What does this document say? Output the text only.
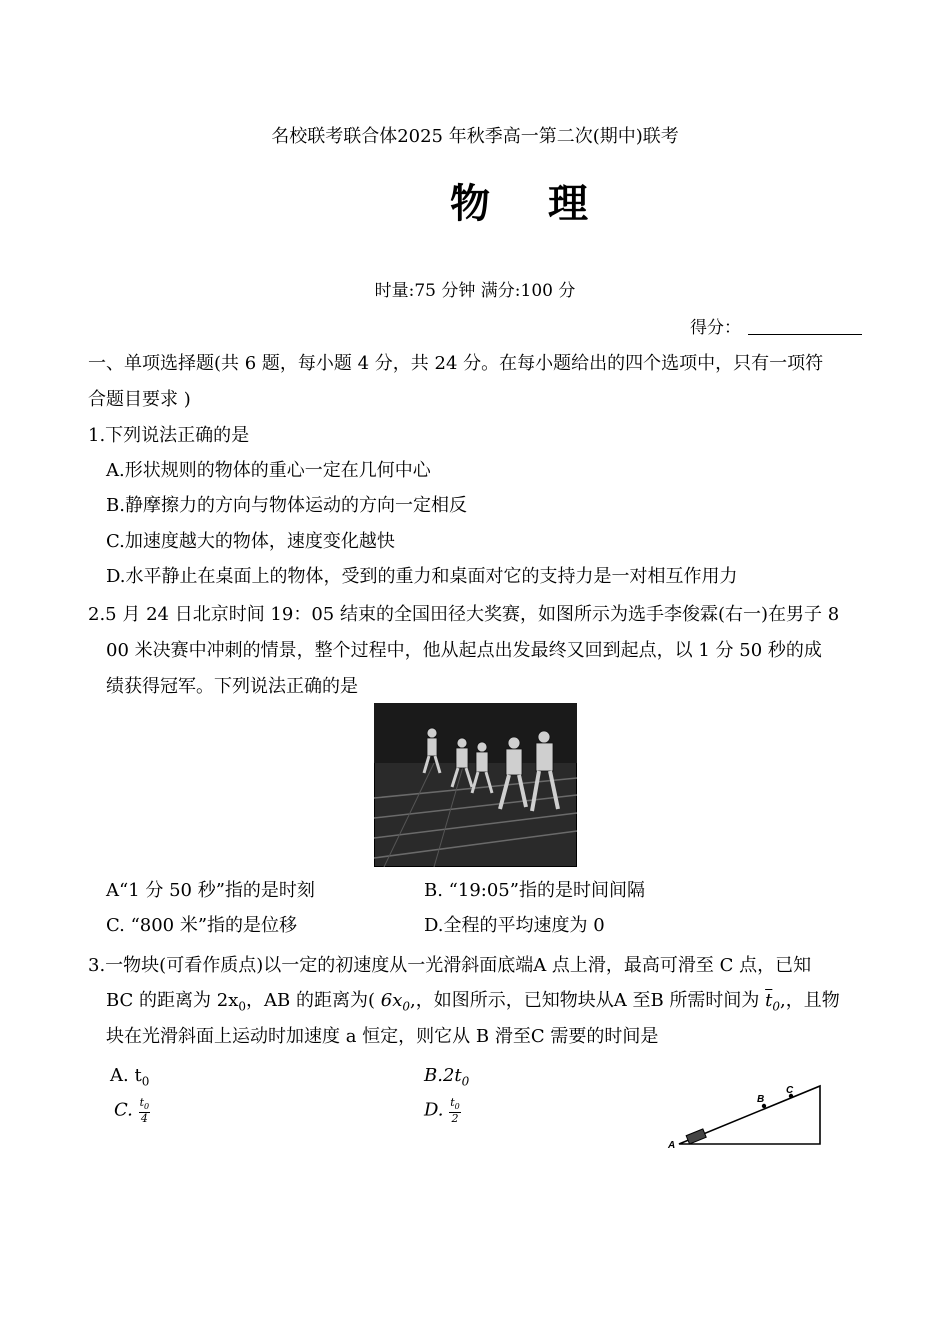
名校联考联合体2025 年秋季高一第二次(期中)联考
物 理
时量:75 分钟 满分:100 分
得分：
一、单项选择题(共 6 题，每小题 4 分，共 24 分。在每小题给出的四个选项中，只有一项符
合题目要求 )
1.下列说法正确的是
A.形状规则的物体的重心一定在几何中心
B.静摩擦力的方向与物体运动的方向一定相反
C.加速度越大的物体，速度变化越快
D.水平静止在桌面上的物体，受到的重力和桌面对它的支持力是一对相互作用力
2.5 月 24 日北京时间 19：05 结束的全国田径大奖赛，如图所示为选手李俊霖(右一)在男子 8
00 米决赛中冲刺的情景，整个过程中，他从起点出发最终又回到起点，以 1 分 50 秒的成
绩获得冠军。下列说法正确的是
A“1 分 50 秒”指的是时刻	B. “19:05”指的是时间间隔
C. “800 米”指的是位移	D.全程的平均速度为 0
3.一物块(可看作质点)以一定的初速度从一光滑斜面底端A 点上滑，最高可滑至 C 点，已知
BC 的距离为 $2x_0$，AB 的距离为( $6x_0$,，如图所示，已知物块从A 至B 所需时间为 $\overline{t}_0$,，且物
块在光滑斜面上运动时加速度 a 恒定，则它从 B 滑至C 需要的时间是
A. $t_0$	$B.2t_0$
C. $\frac{t_0}{4}$	D. $\frac{t_0}{2}$
A
B
C
